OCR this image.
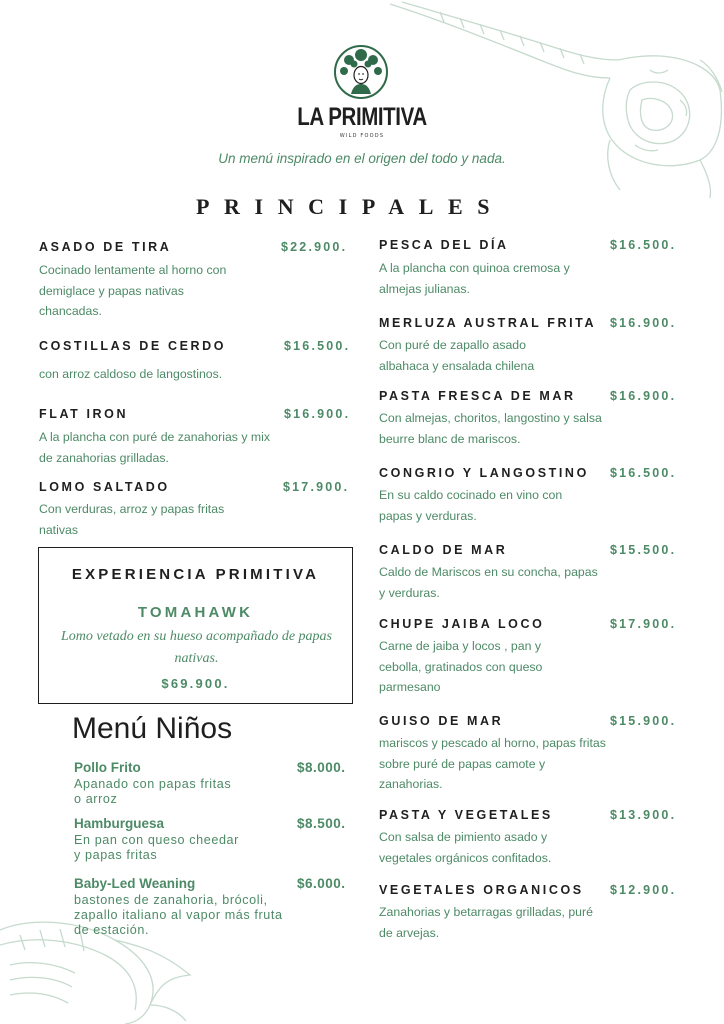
LA PRIMITIVA
WILD FOODS
Un menú inspirado en el origen del todo y nada.
PRINCIPALES
ASADO DE TIRA	$22.900.
Cocinado lentamente al horno con demiglace y papas nativas chancadas.
COSTILLAS DE CERDO	$16.500.
con arroz caldoso de langostinos.
FLAT IRON	$16.900.
A la plancha con puré de zanahorias y mix de zanahorias grilladas.
LOMO SALTADO	$17.900.
Con verduras, arroz y papas fritas nativas
EXPERIENCIA PRIMITIVA
TOMAHAWK
Lomo vetado en su hueso acompañado de papas nativas.
$69.900.
Menú Niños
Pollo Frito	$8.000.
Apanado con papas fritas
o arroz
Hamburguesa	$8.500.
En pan con queso cheedar
y papas fritas
Baby-Led Weaning	$6.000.
bastones de zanahoria, brócoli,
zapallo italiano al vapor más fruta
de estación.
PESCA DEL DÍA	$16.500.
A la plancha con quinoa cremosa y almejas julianas.
MERLUZA AUSTRAL FRITA $16.900.
Con puré de zapallo asado albahaca y ensalada chilena
PASTA FRESCA DE MAR	$16.900.
Con almejas, choritos, langostino y salsa beurre blanc de mariscos.
CONGRIO Y LANGOSTINO $16.500.
En su caldo cocinado en vino con papas y verduras.
CALDO DE MAR	$15.500.
Caldo de Mariscos en su concha, papas y verduras.
CHUPE JAIBA LOCO	$17.900.
Carne de jaiba y locos , pan y cebolla, gratinados con queso parmesano
GUISO DE MAR	$15.900.
mariscos y pescado al horno, papas fritas sobre puré de papas camote y zanahorias.
PASTA Y VEGETALES	$13.900.
Con salsa de pimiento asado y vegetales orgánicos confitados.
VEGETALES ORGANICOS $12.900.
Zanahorias y betarragas grilladas, puré de arvejas.
